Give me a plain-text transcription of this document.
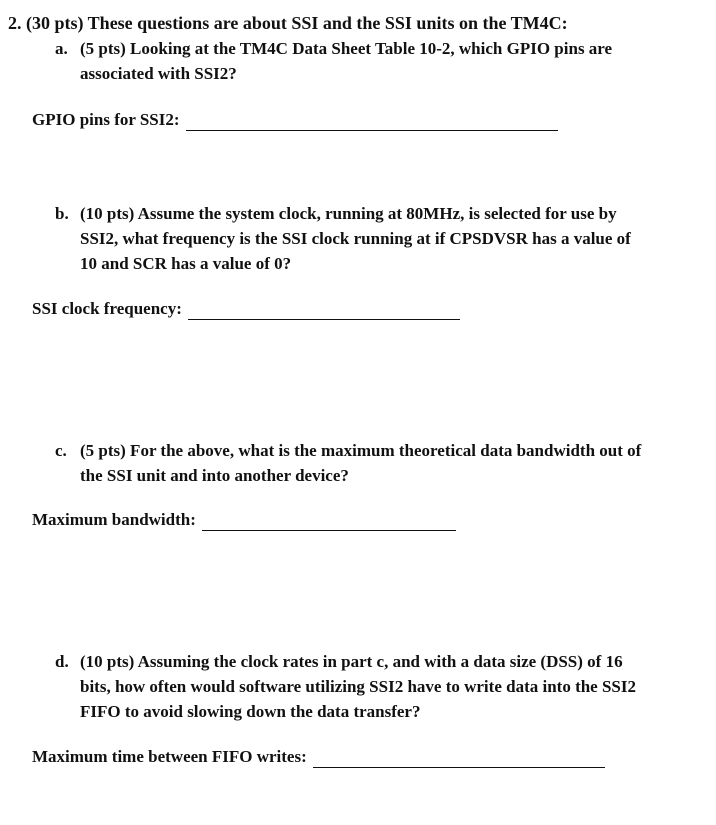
2. (30 pts) These questions are about SSI and the SSI units on the TM4C:
a. (5 pts) Looking at the TM4C Data Sheet Table 10-2, which GPIO pins are
associated with SSI2?
GPIO pins for SSI2:
b. (10 pts) Assume the system clock, running at 80MHz, is selected for use by
SSI2, what frequency is the SSI clock running at if CPSDVSR has a value of
10 and SCR has a value of 0?
SSI clock frequency:
c. (5 pts) For the above, what is the maximum theoretical data bandwidth out of
the SSI unit and into another device?
Maximum bandwidth:
d. (10 pts) Assuming the clock rates in part c, and with a data size (DSS) of 16
bits, how often would software utilizing SSI2 have to write data into the SSI2
FIFO to avoid slowing down the data transfer?
Maximum time between FIFO writes:
